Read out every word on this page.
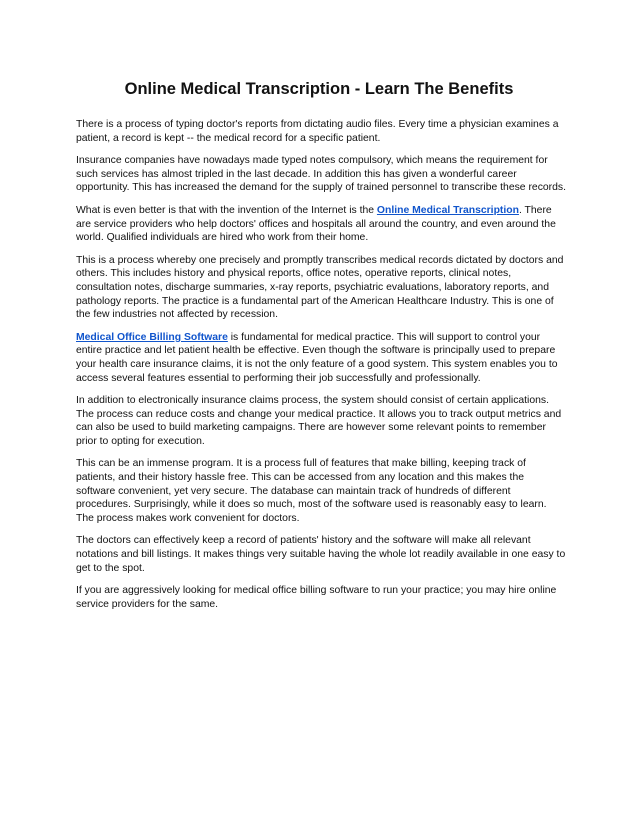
Online Medical Transcription - Learn The Benefits

There is a process of typing doctor's reports from dictating audio files. Every time a physician examines a patient, a record is kept -- the medical record for a specific patient.

Insurance companies have nowadays made typed notes compulsory, which means the requirement for such services has almost tripled in the last decade. In addition this has given a wonderful career opportunity. This has increased the demand for the supply of trained personnel to transcribe these records.

What is even better is that with the invention of the Internet is the Online Medical Transcription. There are service providers who help doctors' offices and hospitals all around the country, and even around the world. Qualified individuals are hired who work from their home.

This is a process whereby one precisely and promptly transcribes medical records dictated by doctors and others. This includes history and physical reports, office notes, operative reports, clinical notes, consultation notes, discharge summaries, x-ray reports, psychiatric evaluations, laboratory reports, and pathology reports. The practice is a fundamental part of the American Healthcare Industry. This is one of the few industries not affected by recession.

Medical Office Billing Software is fundamental for medical practice. This will support to control your entire practice and let patient health be effective. Even though the software is principally used to prepare your health care insurance claims, it is not the only feature of a good system. This system enables you to access several features essential to performing their job successfully and professionally.

In addition to electronically insurance claims process, the system should consist of certain applications. The process can reduce costs and change your medical practice. It allows you to track output metrics and can also be used to build marketing campaigns. There are however some relevant points to remember prior to opting for execution.

This can be an immense program. It is a process full of features that make billing, keeping track of patients, and their history hassle free. This can be accessed from any location and this makes the software convenient, yet very secure. The database can maintain track of hundreds of different procedures. Surprisingly, while it does so much, most of the software used is reasonably easy to learn. The process makes work convenient for doctors.

The doctors can effectively keep a record of patients' history and the software will make all relevant notations and bill listings. It makes things very suitable having the whole lot readily available in one easy to get to the spot.

If you are aggressively looking for medical office billing software to run your practice; you may hire online service providers for the same.
